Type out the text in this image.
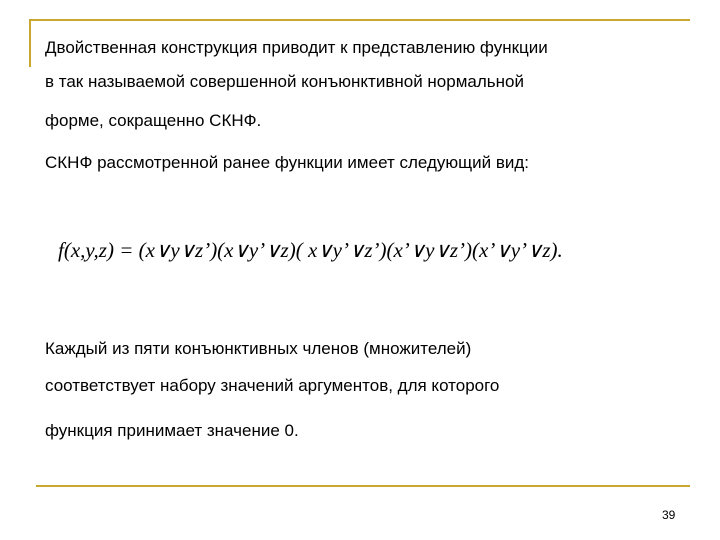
Двойственная конструкция приводит к представлению функции
в так называемой совершенной конъюнктивной нормальной
форме, сокращенно СКНФ.
СКНФ рассмотренной ранее функции имеет следующий вид:
f(x,y,z) = (x∨y∨z’)(x∨y’∨z)( x∨y’∨z’)(x’∨y∨z’)(x’∨y’∨z).
Каждый из пяти конъюнктивных членов (множителей)
соответствует набору значений аргументов, для которого
функция принимает значение 0.
39
